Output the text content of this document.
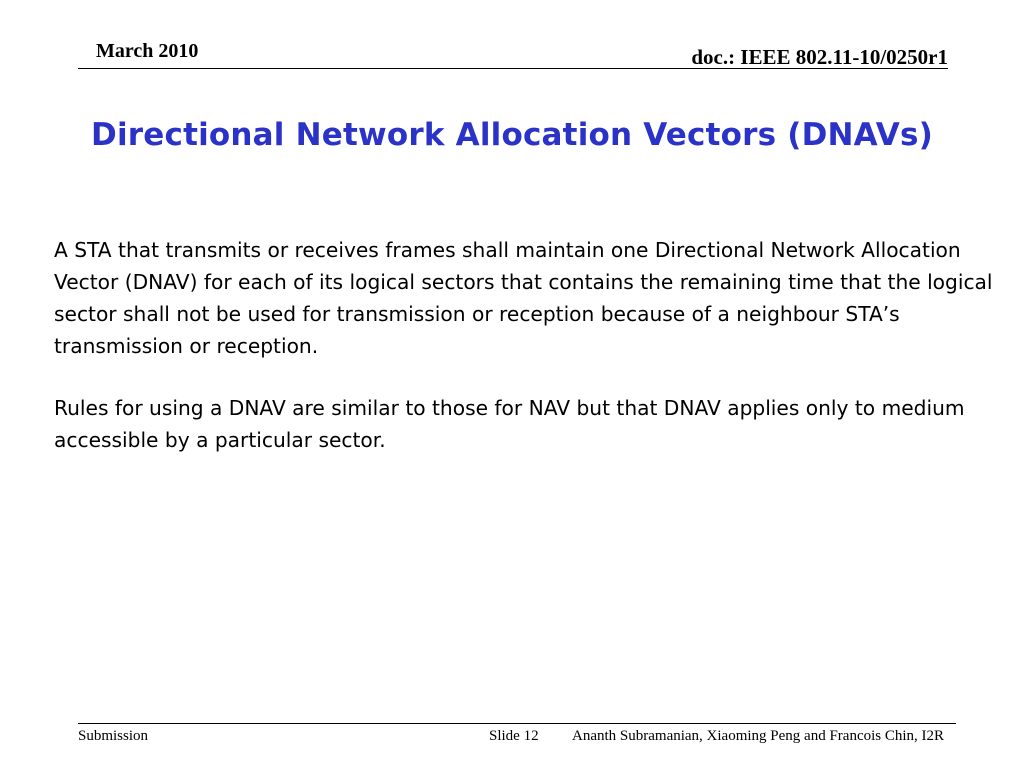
March 2010	doc.: IEEE 802.11-10/0250r1
Directional Network Allocation Vectors (DNAVs)

A STA that transmits or receives frames shall maintain one Directional Network Allocation Vector (DNAV) for each of its logical sectors that contains the remaining time that the logical sector shall not be used for transmission or reception because of a neighbour STA’s transmission or reception.

Rules for using a DNAV are similar to those for NAV but that DNAV applies only to medium accessible by a particular sector.

Submission	Slide 12 Ananth Subramanian, Xiaoming Peng and Francois Chin, I2R
